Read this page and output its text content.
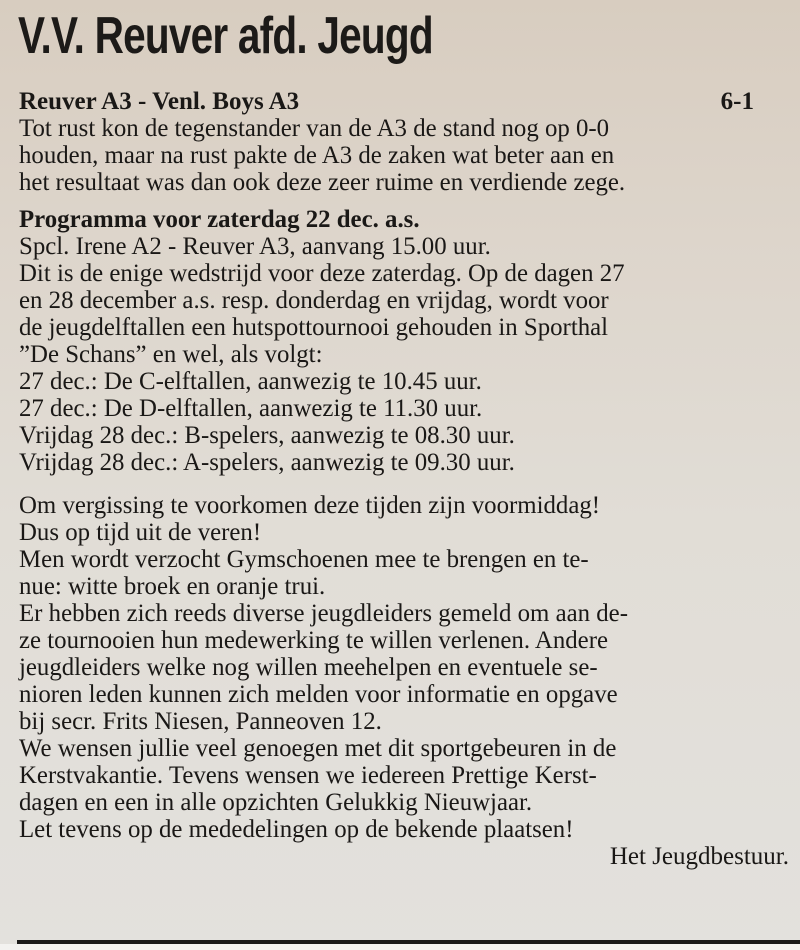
V.V. Reuver afd. Jeugd
Reuver A3 - Venl. Boys A3	6-1
Tot rust kon de tegenstander van de A3 de stand nog op 0-0
houden, maar na rust pakte de A3 de zaken wat beter aan en
het resultaat was dan ook deze zeer ruime en verdiende zege.
Programma voor zaterdag 22 dec. a.s.
Spcl. Irene A2 - Reuver A3, aanvang 15.00 uur.
Dit is de enige wedstrijd voor deze zaterdag. Op de dagen 27
en 28 december a.s. resp. donderdag en vrijdag, wordt voor
de jeugdelftallen een hutspottournooi gehouden in Sporthal
”De Schans” en wel, als volgt:
27 dec.: De C-elftallen, aanwezig te 10.45 uur.
27 dec.: De D-elftallen, aanwezig te 11.30 uur.
Vrijdag 28 dec.: B-spelers, aanwezig te 08.30 uur.
Vrijdag 28 dec.: A-spelers, aanwezig te 09.30 uur.
Om vergissing te voorkomen deze tijden zijn voormiddag!
Dus op tijd uit de veren!
Men wordt verzocht Gymschoenen mee te brengen en te-
nue: witte broek en oranje trui.
Er hebben zich reeds diverse jeugdleiders gemeld om aan de-
ze tournooien hun medewerking te willen verlenen. Andere
jeugdleiders welke nog willen meehelpen en eventuele se-
nioren leden kunnen zich melden voor informatie en opgave
bij secr. Frits Niesen, Panneoven 12.
We wensen jullie veel genoegen met dit sportgebeuren in de
Kerstvakantie. Tevens wensen we iedereen Prettige Kerst-
dagen en een in alle opzichten Gelukkig Nieuwjaar.
Let tevens op de mededelingen op de bekende plaatsen!
Het Jeugdbestuur.
